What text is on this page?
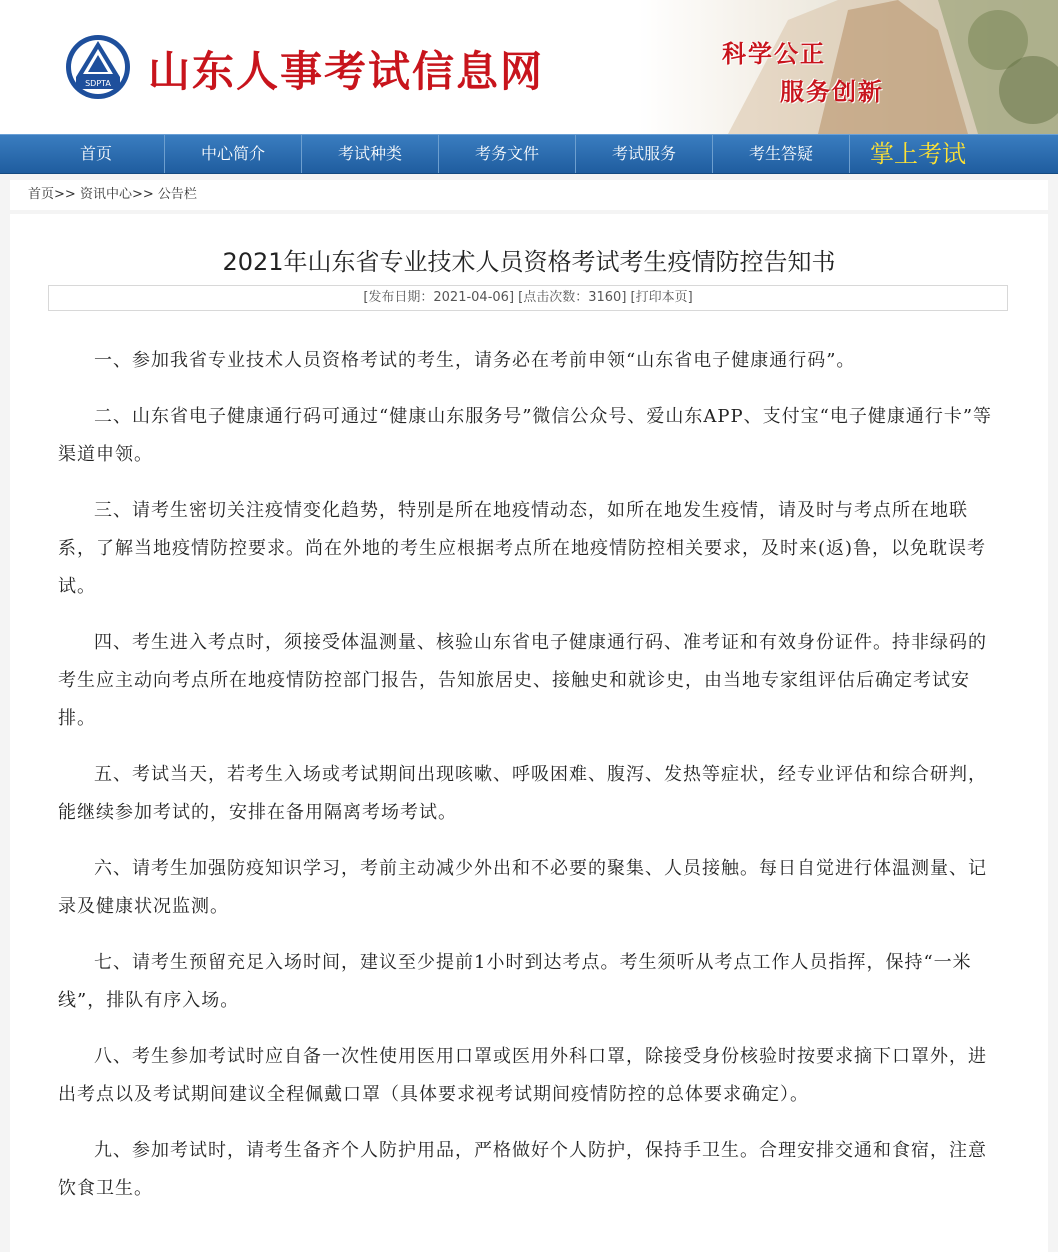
SDPTA 山东人事考试信息网	科学公正
服务创新
首页	中心简介	考试种类	考务文件	考试服务	考生答疑	掌上考试
首页>> 资讯中心>> 公告栏
2021年山东省专业技术人员资格考试考生疫情防控告知书
[发布日期：2021-04-06] [点击次数：3160] [打印本页]

一、参加我省专业技术人员资格考试的考生，请务必在考前申领“山东省电子健康通行码”。

二、山东省电子健康通行码可通过“健康山东服务号”微信公众号、爱山东APP、支付宝“电子健康通行卡”等渠道申领。

三、请考生密切关注疫情变化趋势，特别是所在地疫情动态，如所在地发生疫情，请及时与考点所在地联系，了解当地疫情防控要求。尚在外地的考生应根据考点所在地疫情防控相关要求，及时来(返)鲁，以免耽误考试。

四、考生进入考点时，须接受体温测量、核验山东省电子健康通行码、准考证和有效身份证件。持非绿码的考生应主动向考点所在地疫情防控部门报告，告知旅居史、接触史和就诊史，由当地专家组评估后确定考试安排。

五、考试当天，若考生入场或考试期间出现咳嗽、呼吸困难、腹泻、发热等症状，经专业评估和综合研判，能继续参加考试的，安排在备用隔离考场考试。

六、请考生加强防疫知识学习，考前主动减少外出和不必要的聚集、人员接触。每日自觉进行体温测量、记录及健康状况监测。

七、请考生预留充足入场时间，建议至少提前1小时到达考点。考生须听从考点工作人员指挥，保持“一米线”，排队有序入场。

八、考生参加考试时应自备一次性使用医用口罩或医用外科口罩，除接受身份核验时按要求摘下口罩外，进出考点以及考试期间建议全程佩戴口罩（具体要求视考试期间疫情防控的总体要求确定）。

九、参加考试时，请考生备齐个人防护用品，严格做好个人防护，保持手卫生。合理安排交通和食宿，注意饮食卫生。
